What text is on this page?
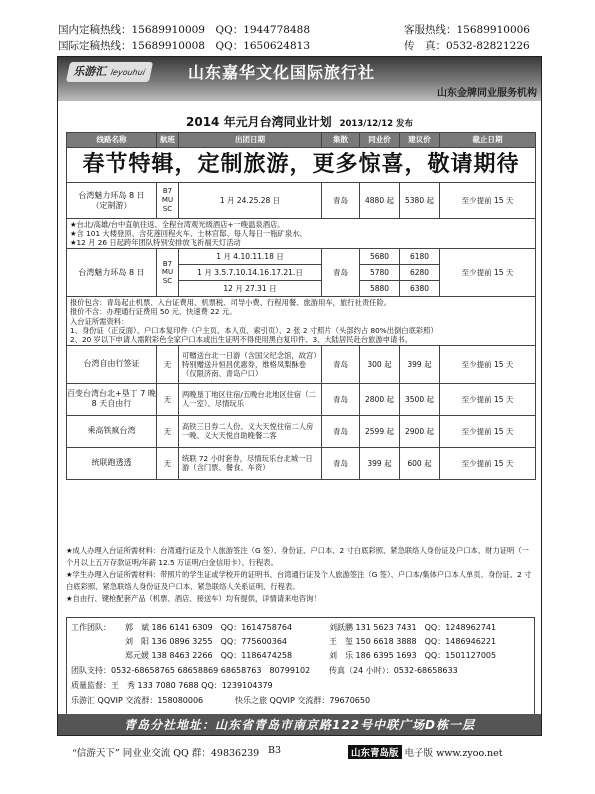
国内定稿热线：15689910009　QQ：1944778488
国际定稿热线：15689910008　QQ：1650624813
客服热线：15689910006
传　真：0532-82821226
乐游汇 leyouhui	山东嘉华文化国际旅行社
山东金牌同业服务机构
2014 年元月台湾同业计划 2013/12/12 发布
线路名称	航班	出团日期	集散	同业价	建议价	截止日期
春节特辑，定制旅游，更多惊喜，敬请期待						
台湾魅力环岛 8 日
（定制游）	B7 MU SC	1 月 24.25.28 日	青岛	4880 起	5380 起	至少提前 15 天

★台北/高雄/台中直航往返、全程台湾观光级酒店+一晚温泉酒店。
★含 101 大楼登顶、含花莲回程火车、士林官邸、每人每日一瓶矿泉水、
★12 月 26 日起跨年团队特别安排放飞祈福天灯活动						

台湾魅力环岛 8 日	B7 MU SC	1 月 4.10.11.18 日	青岛	5680	6180	至少提前 15 天
		1 月 3.5.7.10.14.16.17.21.日		5780	6280	
		12 月 27.31 日		5880	6380	

报价包含：青岛起止机票、入台证费用、机票税、司导小费、行程用餐、旅游用车，旅行社责任险。
报价不含：办理通行证费用 50 元、快速费 22 元。
入台证所需资料：
1、身份证（正反面）、户口本复印件（户主页、本人页、索引页）、2 张 2 寸照片（头部约占 80%出倒白底彩照）
2、20 岁以下申请人需附彩色全家户口本或出生证明不得使用黑白复印件、3、大陆居民赴台旅游申请书。						

台湾自由行签证	无	可赠送台北一日游（含国父纪念馆，故宫）特别赠送升恒昌优惠券，维格凤梨酥卷（仅限济南、青岛户口）	青岛	300 起	399 起	至少提前 15 天
百变台湾台北+垦丁 7 晚 8 天自由行	无	两晚垦丁地区住宿/五晚台北地区住宿（二人一室）、尽情玩乐	青岛	2800 起	3500 起	至少提前 15 天
乘高铁疯台湾	无	高铁三日券二人份、义大天悦住宿二人房一晚、义大天悦自助晚餐二客	青岛	2599 起	2900 起	至少提前 15 天
统联跑透透	无	统联 72 小时套券，尽情玩乐台北城一日游（含门票、餐食、车资）	青岛	399 起	600 起	至少提前 15 天
★成人办理入台证所需材料：台湾通行证及个人旅游签注（G 签）、身份证、户口本、2 寸白底彩照、紧急联络人身份证及户口本、财力证明（一个月以上五万存款证明/年薪 12.5 万证明/白金信用卡）、行程表。
★学生办理入台证所需材料：带照片的学生证或学校开的证明书、台湾通行证及个人旅游签注（G 签）、户口本/集体户口本人单页、身份证、2 寸白底彩照、紧急联络人身份证及户口本、紧急联络人关系证明、行程表。
★自由行、键枪配套产品（机票、酒店、接送车）均有提供，详情请来电咨询！
工作团队： 郭　斌 186 6141 6309　QQ：1614758764	刘跃鹏 131 5623 7431　QQ：1248962741
刘　阳 136 0896 3255　QQ：775600364	王　玺 150 6618 3888　QQ：1486946221
郑元媛 138 8463 2266　QQ：1186474258	刘　乐 186 6395 1693　QQ：1501127005
团队支持：0532-68658765 68658869 68658763　80799102 传真（24 小时）：0532-68658633
质量监督：王　秀 133 7080 7688 QQ：1239104379
乐游汇 QQVIP 交流群：158080006	快乐之旅 QQVIP 交流群：79670650
青岛分社地址：山东省青岛市南京路122号中联广场D栋一层
“信游天下” 同业业交流 QQ 群：49836239 B3	山东青岛版 电子版 www.zyoo.net
